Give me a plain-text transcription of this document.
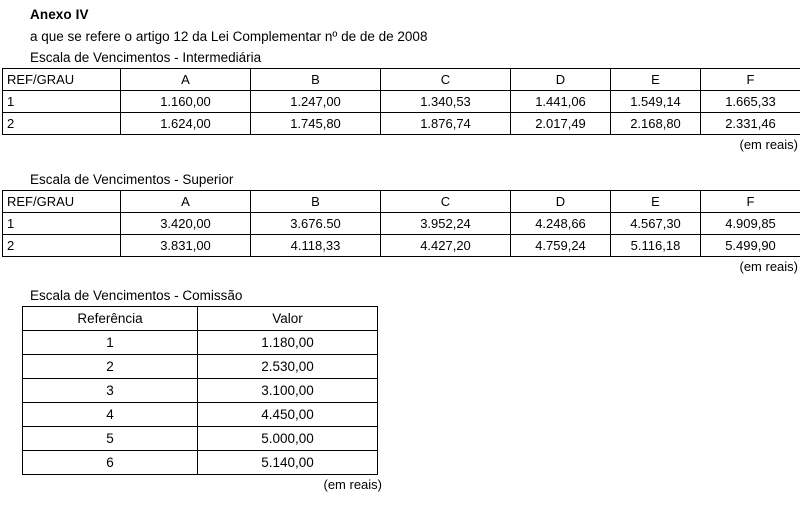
Anexo IV
a que se refere o artigo 12 da Lei Complementar nº de de de 2008
Escala de Vencimentos - Intermediária
REF/GRAU	A	B	C	D	E	F
1	1.160,00	1.247,00	1.340,53	1.441,06	1.549,14	1.665,33
2	1.624,00	1.745,80	1.876,74	2.017,49	2.168,80	2.331,46
(em reais)
Escala de Vencimentos - Superior
REF/GRAU	A	B	C	D	E	F
1	3.420,00	3.676.50	3.952,24	4.248,66	4.567,30	4.909,85
2	3.831,00	4.118,33	4.427,20	4.759,24	5.116,18	5.499,90
(em reais)
Escala de Vencimentos - Comissão
Referência	Valor
1	1.180,00
2	2.530,00
3	3.100,00
4	4.450,00
5	5.000,00
6	5.140,00
(em reais)
